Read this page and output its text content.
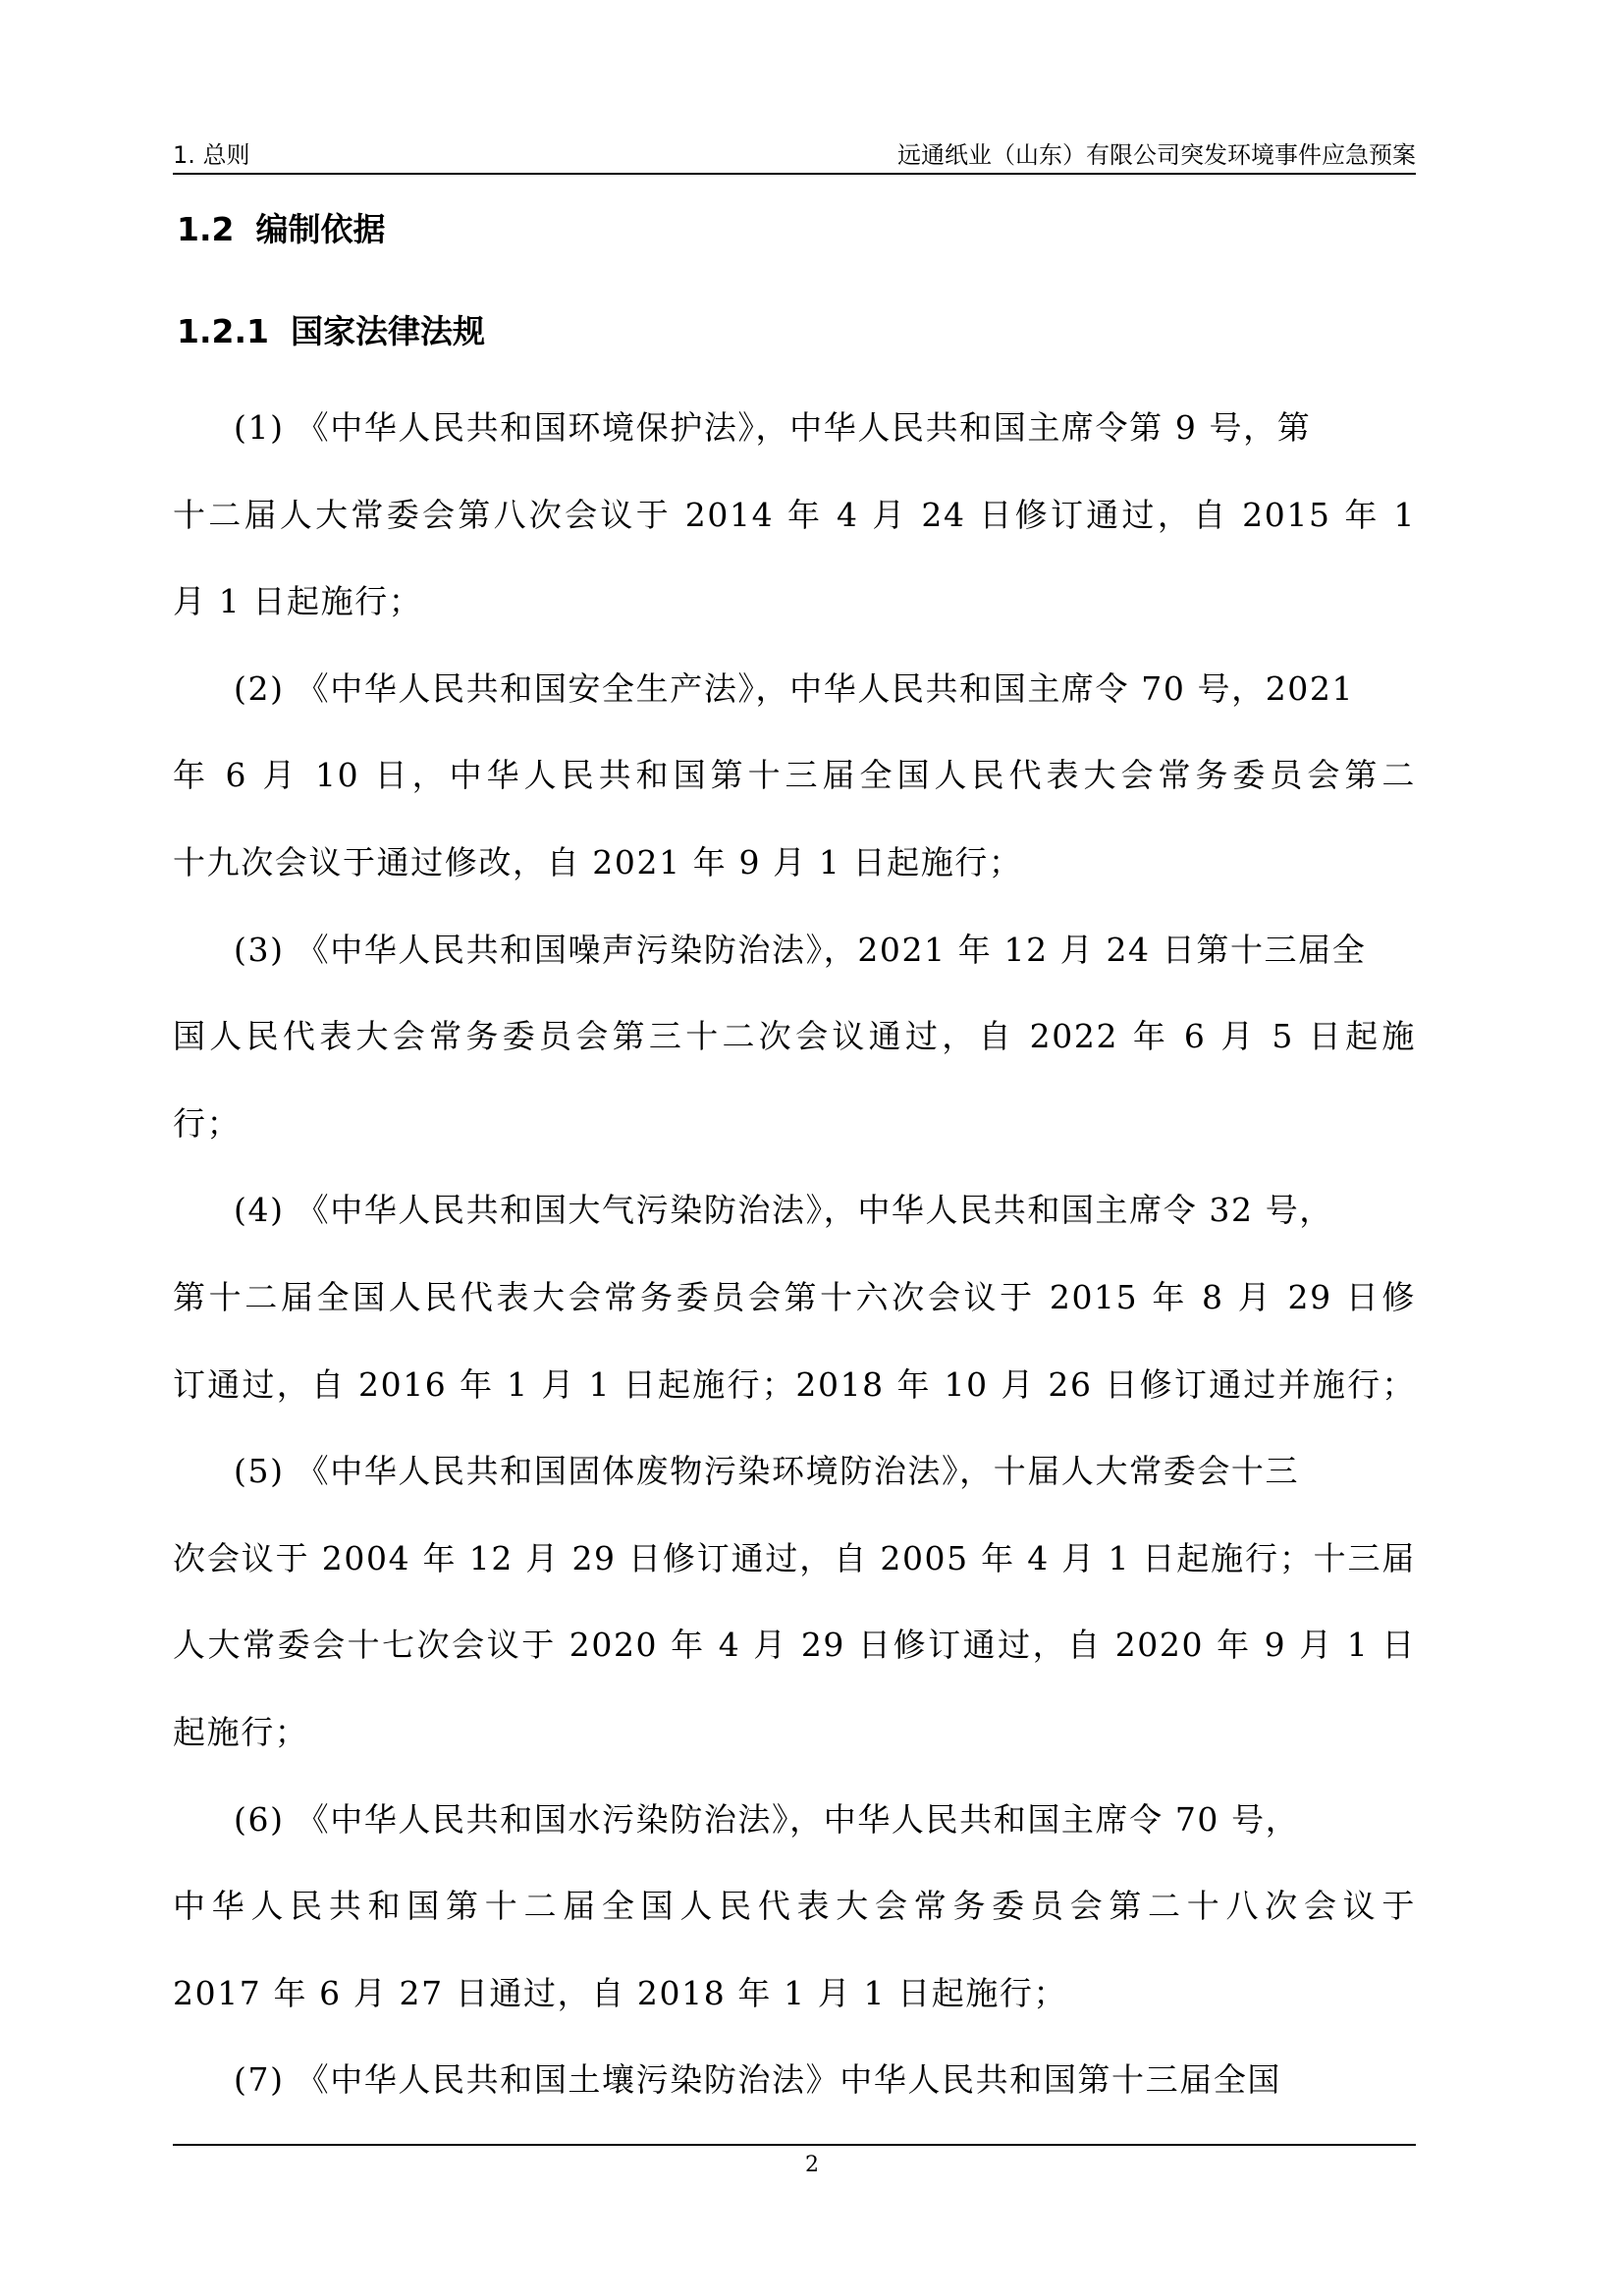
1. 总则	远通纸业（山东）有限公司突发环境事件应急预案
1.2 编制依据
1.2.1 国家法律法规
(1) 《中华人民共和国环境保护法》，中华人民共和国主席令第 9 号，第
十二届人大常委会第八次会议于 2014 年 4 月 24 日修订通过，自 2015 年 1
月 1 日起施行；
(2) 《中华人民共和国安全生产法》，中华人民共和国主席令 70 号，2021
年 6 月 10 日，中华人民共和国第十三届全国人民代表大会常务委员会第二
十九次会议于通过修改，自 2021 年 9 月 1 日起施行；
(3) 《中华人民共和国噪声污染防治法》，2021 年 12 月 24 日第十三届全
国人民代表大会常务委员会第三十二次会议通过，自 2022 年 6 月 5 日起施
行；
(4) 《中华人民共和国大气污染防治法》，中华人民共和国主席令 32 号，
第十二届全国人民代表大会常务委员会第十六次会议于 2015 年 8 月 29 日修
订通过，自 2016 年 1 月 1 日起施行；2018 年 10 月 26 日修订通过并施行；
(5) 《中华人民共和国固体废物污染环境防治法》，十届人大常委会十三
次会议于 2004 年 12 月 29 日修订通过，自 2005 年 4 月 1 日起施行；十三届
人大常委会十七次会议于 2020 年 4 月 29 日修订通过，自 2020 年 9 月 1 日
起施行；
(6) 《中华人民共和国水污染防治法》，中华人民共和国主席令 70 号，
中华人民共和国第十二届全国人民代表大会常务委员会第二十八次会议于
2017 年 6 月 27 日通过，自 2018 年 1 月 1 日起施行；
(7) 《中华人民共和国土壤污染防治法》中华人民共和国第十三届全国
2
